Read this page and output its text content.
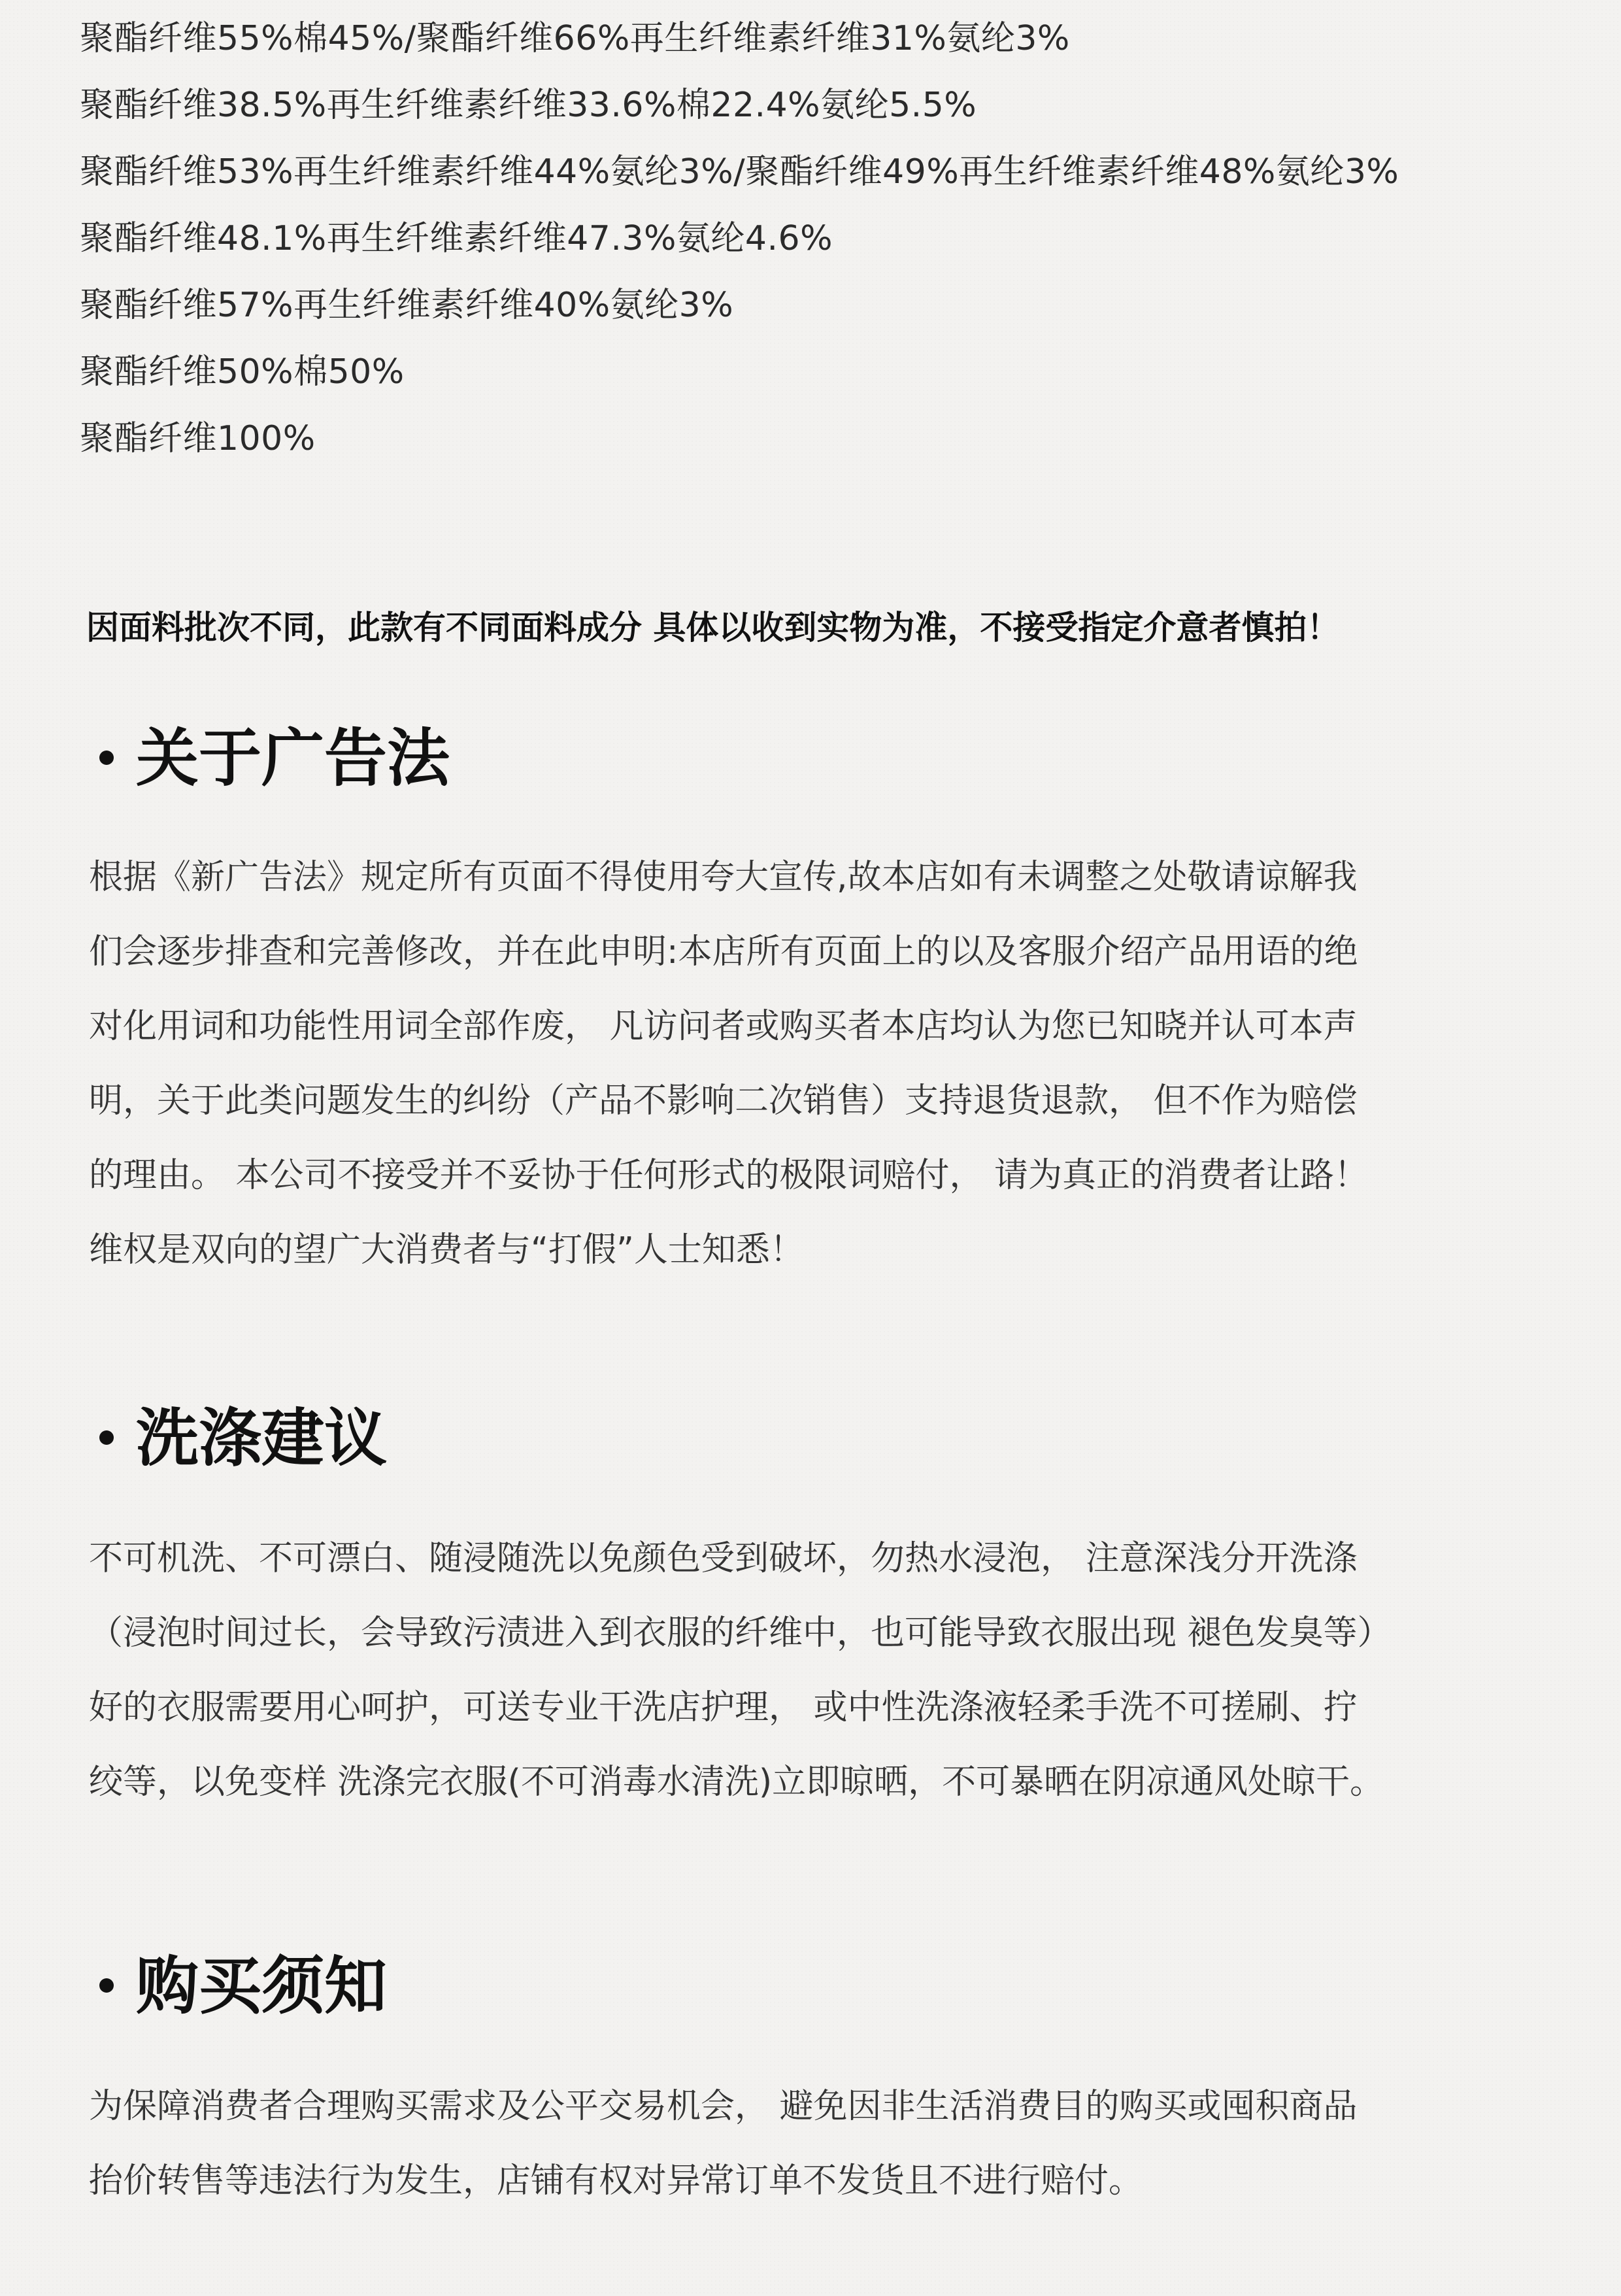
聚酯纤维55%棉45%/聚酯纤维66%再生纤维素纤维31%氨纶3%
聚酯纤维38.5%再生纤维素纤维33.6%棉22.4%氨纶5.5%
聚酯纤维53%再生纤维素纤维44%氨纶3%/聚酯纤维49%再生纤维素纤维48%氨纶3%
聚酯纤维48.1%再生纤维素纤维47.3%氨纶4.6%
聚酯纤维57%再生纤维素纤维40%氨纶3%
聚酯纤维50%棉50%
聚酯纤维100%
因面料批次不同，此款有不同面料成分 具体以收到实物为准，不接受指定介意者慎拍！
关于广告法
根据《新广告法》规定所有页面不得使用夸大宣传,故本店如有未调整之处敬请谅解我
们会逐步排查和完善修改，并在此申明:本店所有页面上的以及客服介绍产品用语的绝
对化用词和功能性用词全部作废， 凡访问者或购买者本店均认为您已知晓并认可本声
明，关于此类问题发生的纠纷（产品不影响二次销售）支持退货退款， 但不作为赔偿
的理由。 本公司不接受并不妥协于任何形式的极限词赔付， 请为真正的消费者让路！
维权是双向的望广大消费者与“打假”人士知悉！
洗涤建议
不可机洗、不可漂白、随浸随洗以免颜色受到破坏，勿热水浸泡， 注意深浅分开洗涤
（浸泡时间过长，会导致污渍进入到衣服的纤维中，也可能导致衣服出现 褪色发臭等）
好的衣服需要用心呵护，可送专业干洗店护理， 或中性洗涤液轻柔手洗不可搓刷、拧
绞等，以免变样 洗涤完衣服(不可消毒水清洗)立即晾晒，不可暴晒在阴凉通风处晾干。
购买须知
为保障消费者合理购买需求及公平交易机会， 避免因非生活消费目的购买或囤积商品
抬价转售等违法行为发生，店铺有权对异常订单不发货且不进行赔付。
